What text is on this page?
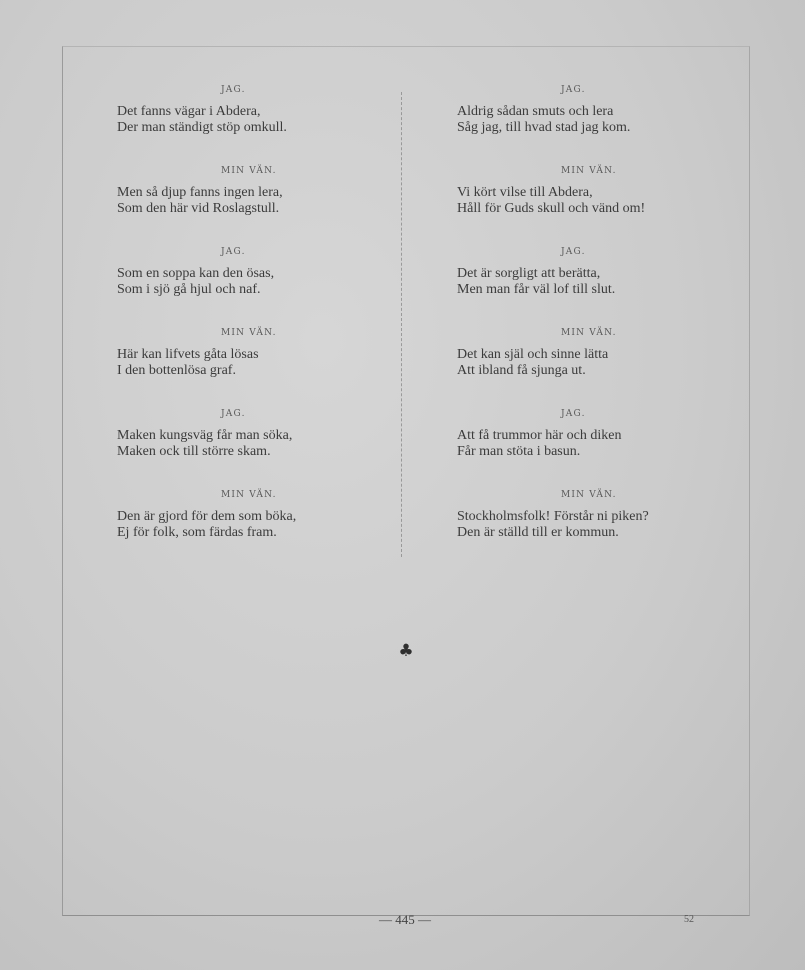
JAG.
Det fanns vägar i Abdera,
Der man ständigt stöp omkull.
MIN VÄN.
Men så djup fanns ingen lera,
Som den här vid Roslagstull.
JAG.
Som en soppa kan den ösas,
Som i sjö gå hjul och naf.
MIN VÄN.
Här kan lifvets gåta lösas
I den bottenlösa graf.
JAG.
Maken kungsväg får man söka,
Maken ock till större skam.
MIN VÄN.
Den är gjord för dem som böka,
Ej för folk, som färdas fram.
JAG.
Aldrig sådan smuts och lera
Såg jag, till hvad stad jag kom.
MIN VÄN.
Vi kört vilse till Abdera,
Håll för Guds skull och vänd om!
JAG.
Det är sorgligt att berätta,
Men man får väl lof till slut.
MIN VÄN.
Det kan själ och sinne lätta
Att ibland få sjunga ut.
JAG.
Att få trummor här och diken
Får man stöta i basun.
MIN VÄN.
Stockholmsfolk! Förstår ni piken?
Den är ställd till er kommun.
♣
— 445 —	52
